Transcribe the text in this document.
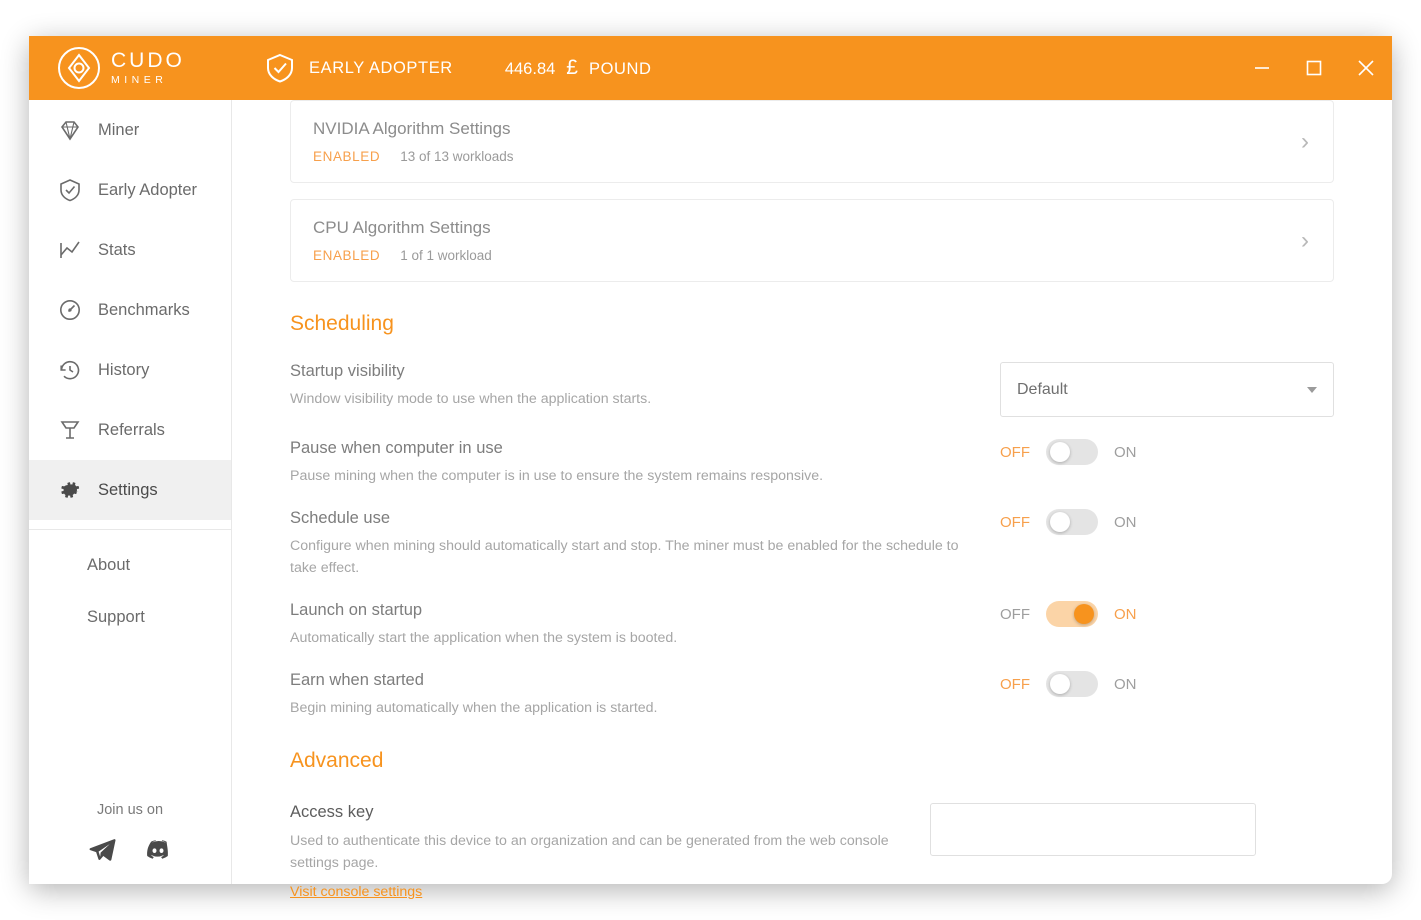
CUDO
MINER
EARLY ADOPTER	446.84 £ POUND
Miner
Early Adopter
Stats
Benchmarks
History
Referrals
Settings
About
Support
Join us on
NVIDIA Algorithm Settings
ENABLED 13 of 13 workloads
›
CPU Algorithm Settings
ENABLED 1 of 1 workload
›
Scheduling
Startup visibility
Window visibility mode to use when the application starts.
Default
Pause when computer in use
Pause mining when the computer is in use to ensure the system remains responsive.
OFF	ON
Schedule use
Configure when mining should automatically start and stop. The miner must be enabled for the schedule to take effect.
OFF	ON
Launch on startup
Automatically start the application when the system is booted.
OFF	ON
Earn when started
Begin mining automatically when the application is started.
OFF	ON
Advanced
Access key
Used to authenticate this device to an organization and can be generated from the web console settings page.
Visit console settings
